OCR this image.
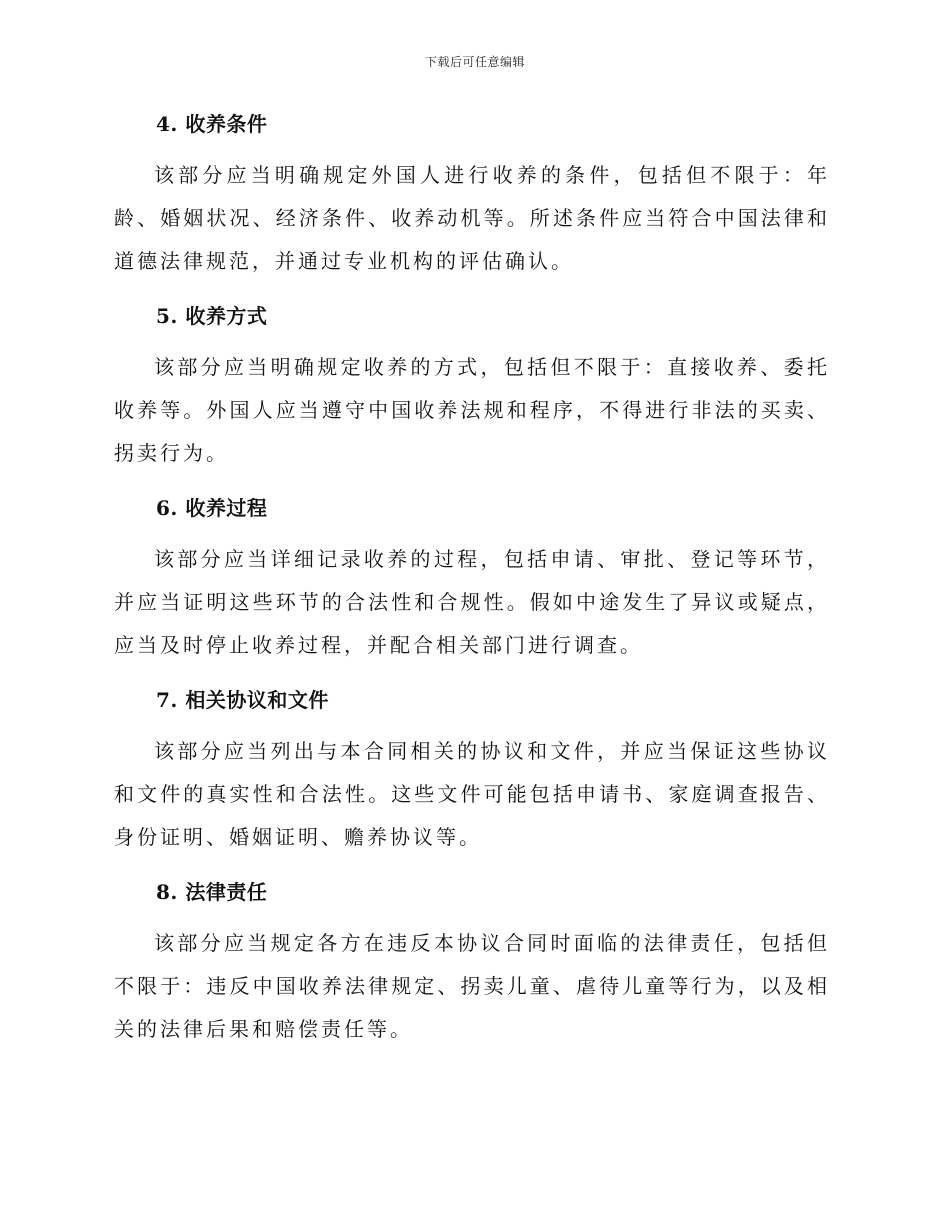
下载后可任意编辑
4. 收养条件

该部分应当明确规定外国人进行收养的条件，包括但不限于：年龄、婚姻状况、经济条件、收养动机等。所述条件应当符合中国法律和道德法律规范，并通过专业机构的评估确认。

5. 收养方式

该部分应当明确规定收养的方式，包括但不限于：直接收养、委托收养等。外国人应当遵守中国收养法规和程序，不得进行非法的买卖、拐卖行为。

6. 收养过程

该部分应当详细记录收养的过程，包括申请、审批、登记等环节，并应当证明这些环节的合法性和合规性。假如中途发生了异议或疑点，应当及时停止收养过程，并配合相关部门进行调查。

7. 相关协议和文件

该部分应当列出与本合同相关的协议和文件，并应当保证这些协议和文件的真实性和合法性。这些文件可能包括申请书、家庭调查报告、身份证明、婚姻证明、赡养协议等。

8. 法律责任

该部分应当规定各方在违反本协议合同时面临的法律责任，包括但不限于：违反中国收养法律规定、拐卖儿童、虐待儿童等行为，以及相关的法律后果和赔偿责任等。
